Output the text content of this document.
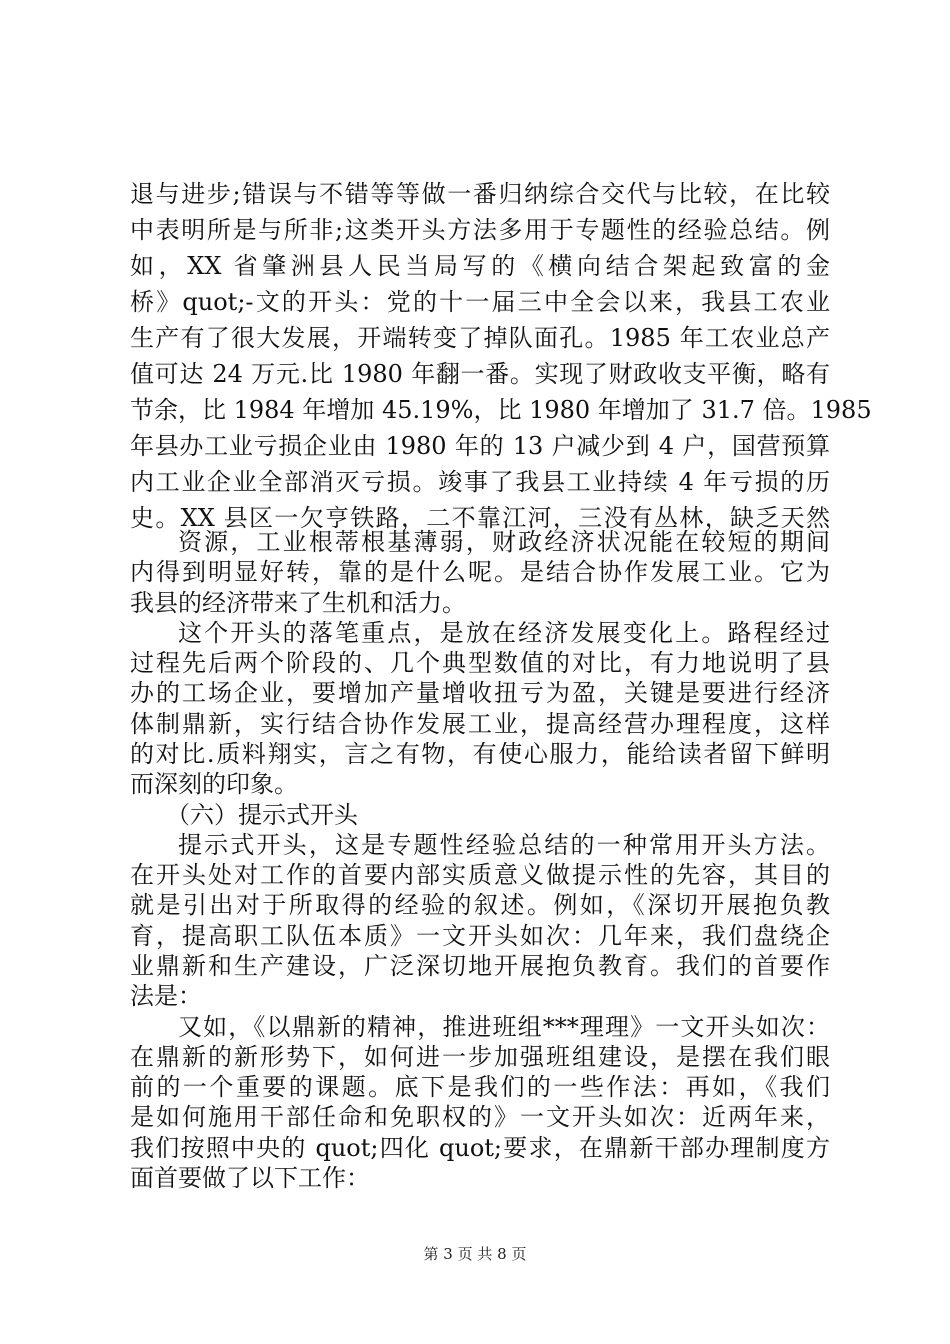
退与进步;错误与不错等等做一番归纳综合交代与比较，在比较
中表明所是与所非;这类开头方法多用于专题性的经验总结。例
如，XX 省肇洲县人民当局写的《横向结合架起致富的金
桥》quot;-文的开头：党的十一届三中全会以来，我县工农业
生产有了很大发展，开端转变了掉队面孔。1985 年工农业总产
值可达 24 万元.比 1980 年翻一番。实现了财政收支平衡，略有
节余，比 1984 年增加 45.19%，比 1980 年增加了 31.7 倍。1985
年县办工业亏损企业由 1980 年的 13 户减少到 4 户，国营预算
内工业企业全部消灭亏损。竣事了我县工业持续 4 年亏损的历
史。XX 县区一欠亨铁路，二不靠江河，三没有丛林，缺乏天然
资源，工业根蒂根基薄弱，财政经济状况能在较短的期间
内得到明显好转，靠的是什么呢。是结合协作发展工业。它为
我县的经济带来了生机和活力。
这个开头的落笔重点，是放在经济发展变化上。路程经过
过程先后两个阶段的、几个典型数值的对比，有力地说明了县
办的工场企业，要增加产量增收扭亏为盈，关键是要进行经济
体制鼎新，实行结合协作发展工业，提高经营办理程度，这样
的对比.质料翔实，言之有物，有使心服力，能给读者留下鲜明
而深刻的印象。
（六）提示式开头
提示式开头，这是专题性经验总结的一种常用开头方法。
在开头处对工作的首要内部实质意义做提示性的先容，其目的
就是引出对于所取得的经验的叙述。例如，《深切开展抱负教
育，提高职工队伍本质》一文开头如次：几年来，我们盘绕企
业鼎新和生产建设，广泛深切地开展抱负教育。我们的首要作
法是：
又如，《以鼎新的精神，推进班组***理理》一文开头如次：
在鼎新的新形势下，如何进一步加强班组建设，是摆在我们眼
前的一个重要的课题。底下是我们的一些作法：再如，《我们
是如何施用干部任命和免职权的》一文开头如次：近两年来，
我们按照中央的 quot;四化 quot;要求，在鼎新干部办理制度方
面首要做了以下工作：
第 3 页 共 8 页
